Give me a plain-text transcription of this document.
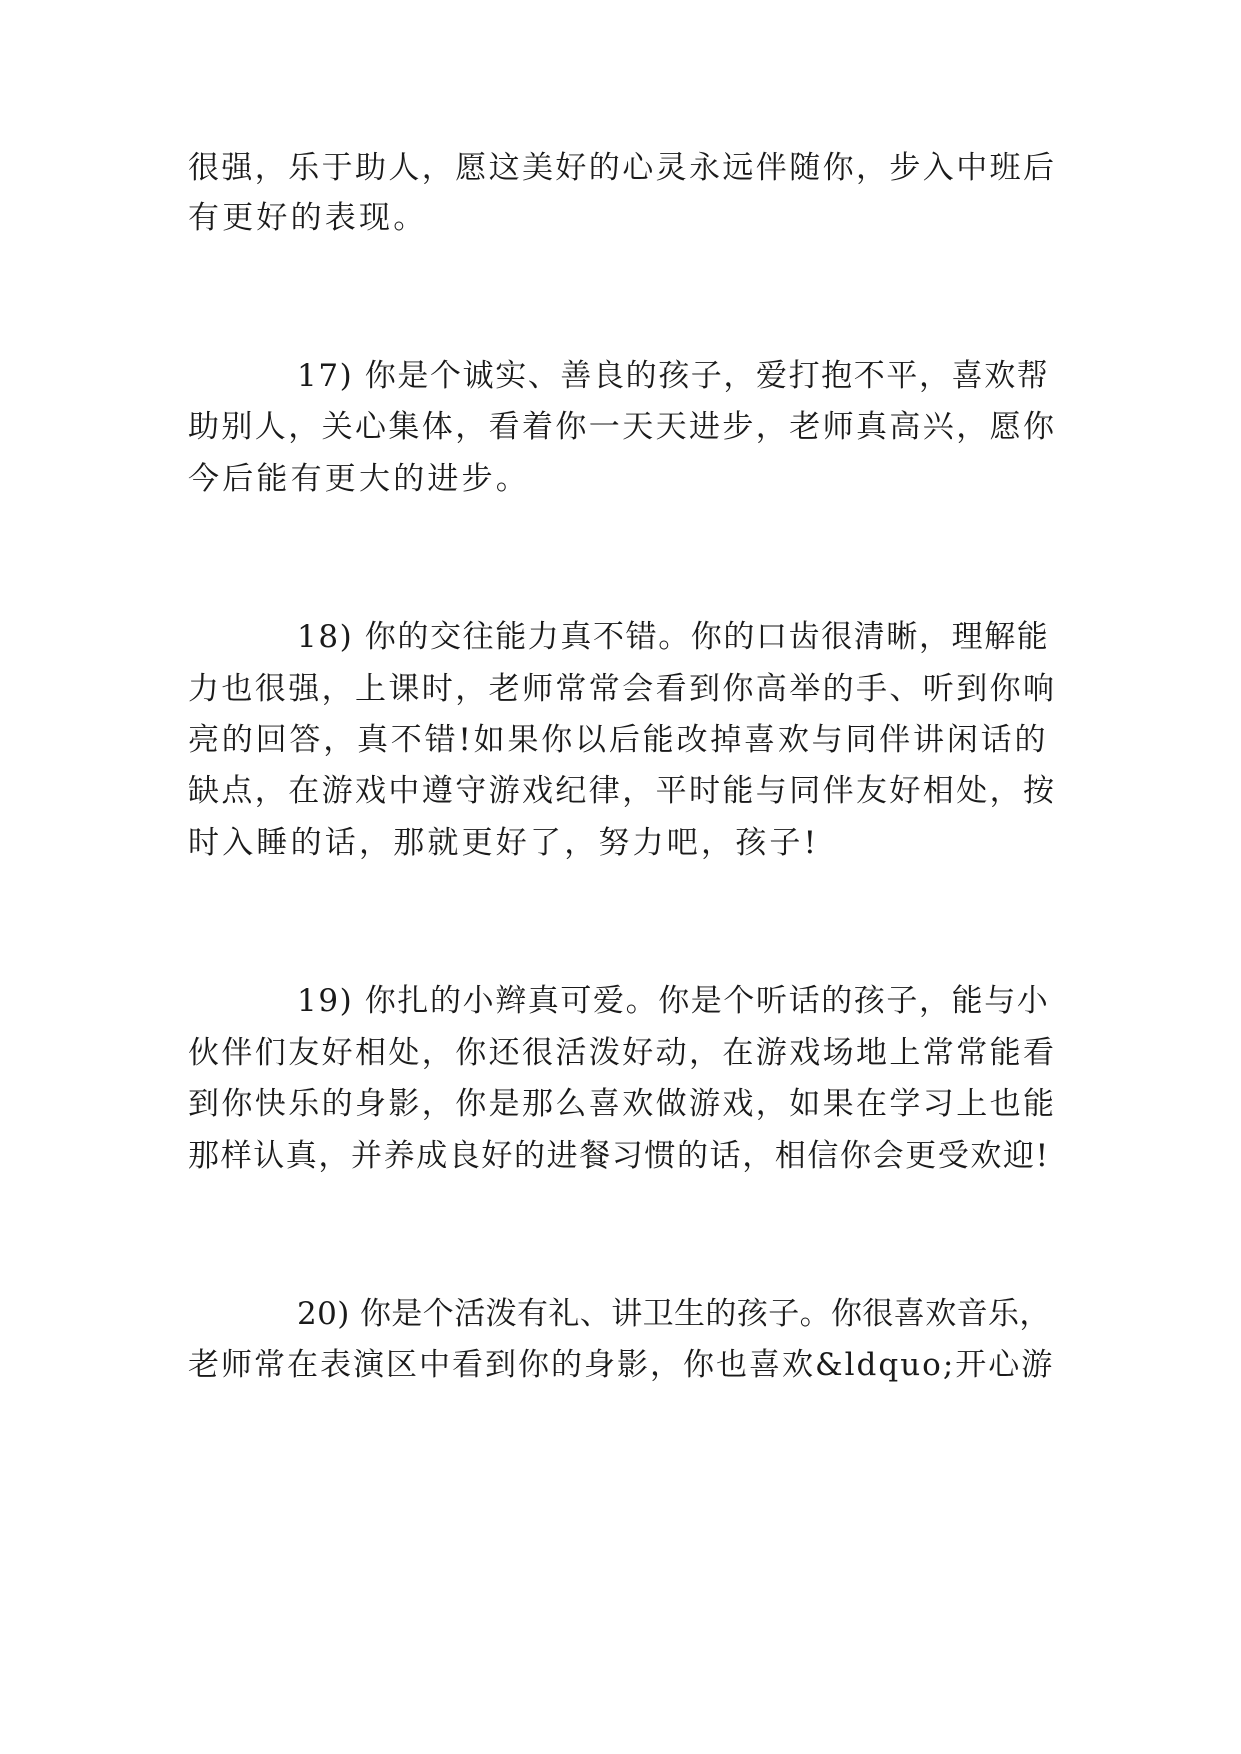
很强，乐于助人，愿这美好的心灵永远伴随你，步入中班后
有更好的表现。
17) 你是个诚实、善良的孩子，爱打抱不平，喜欢帮
助别人，关心集体，看着你一天天进步，老师真高兴，愿你
今后能有更大的进步。
18) 你的交往能力真不错。你的口齿很清晰，理解能
力也很强，上课时，老师常常会看到你高举的手、听到你响
亮的回答，真不错!如果你以后能改掉喜欢与同伴讲闲话的
缺点，在游戏中遵守游戏纪律，平时能与同伴友好相处，按
时入睡的话，那就更好了，努力吧，孩子!
19) 你扎的小辫真可爱。你是个听话的孩子，能与小
伙伴们友好相处，你还很活泼好动，在游戏场地上常常能看
到你快乐的身影，你是那么喜欢做游戏，如果在学习上也能
那样认真，并养成良好的进餐习惯的话，相信你会更受欢迎!
20) 你是个活泼有礼、讲卫生的孩子。你很喜欢音乐，
老师常在表演区中看到你的身影，你也喜欢&ldquo;开心游
